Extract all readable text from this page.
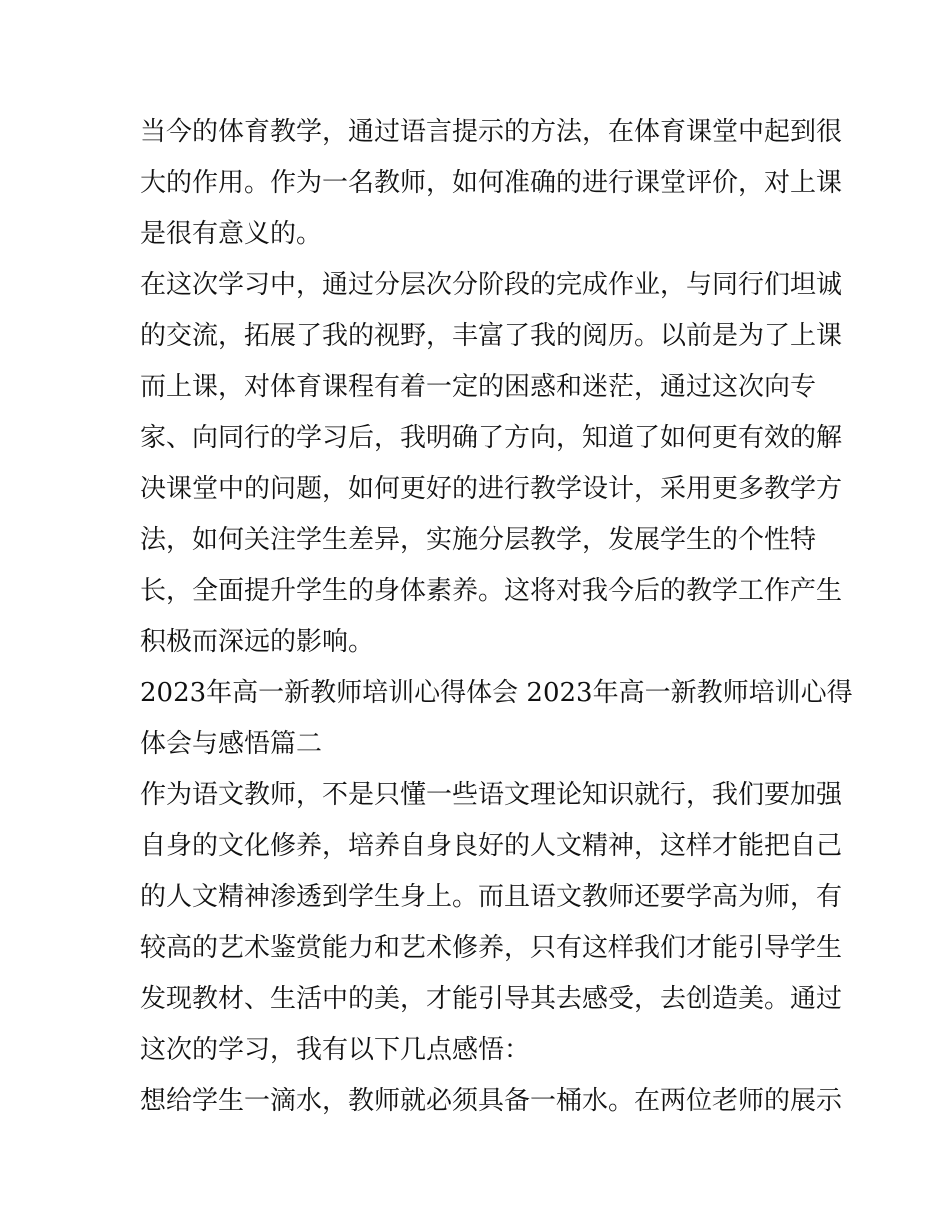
当今的体育教学，通过语言提示的方法，在体育课堂中起到很
大的作用。作为一名教师，如何准确的进行课堂评价，对上课
是很有意义的。

在这次学习中，通过分层次分阶段的完成作业，与同行们坦诚
的交流，拓展了我的视野，丰富了我的阅历。以前是为了上课
而上课，对体育课程有着一定的困惑和迷茫，通过这次向专
家、向同行的学习后，我明确了方向，知道了如何更有效的解
决课堂中的问题，如何更好的进行教学设计，采用更多教学方
法，如何关注学生差异，实施分层教学，发展学生的个性特
长，全面提升学生的身体素养。这将对我今后的教学工作产生
积极而深远的影响。

2023年高一新教师培训心得体会 2023年高一新教师培训心得
体会与感悟篇二

作为语文教师，不是只懂一些语文理论知识就行，我们要加强
自身的文化修养，培养自身良好的人文精神，这样才能把自己
的人文精神渗透到学生身上。而且语文教师还要学高为师，有
较高的艺术鉴赏能力和艺术修养，只有这样我们才能引导学生
发现教材、生活中的美，才能引导其去感受，去创造美。通过
这次的学习，我有以下几点感悟：

想给学生一滴水，教师就必须具备一桶水。在两位老师的展示
